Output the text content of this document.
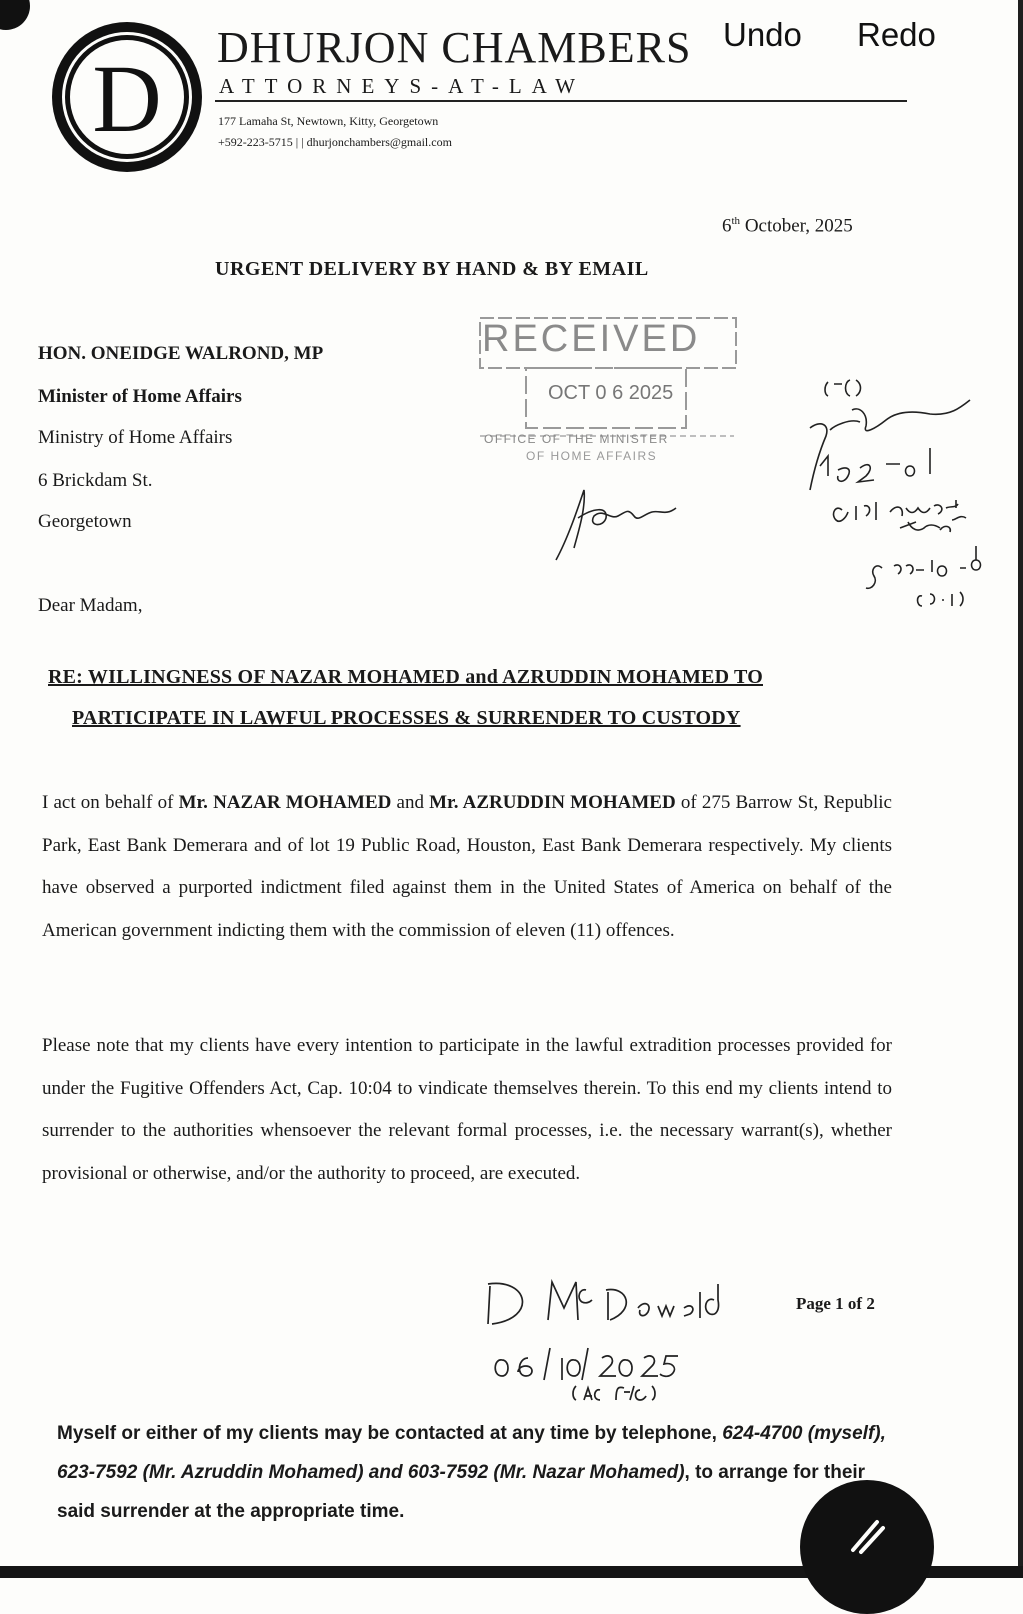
D DHURJON CHAMBERS
ATTORNEYS-AT-LAW
177 Lamaha St, Newtown, Kitty, Georgetown
+592-223-5715 | | dhurjonchambers@gmail.com
Undo Redo
6th October, 2025
URGENT DELIVERY BY HAND & BY EMAIL
HON. ONEIDGE WALROND, MP
Minister of Home Affairs
Ministry of Home Affairs
6 Brickdam St.
Georgetown
RECEIVED
OCT 0 6 2025
OFFICE OF THE MINISTER
OF HOME AFFAIRS
Dear Madam,
RE: WILLINGNESS OF NAZAR MOHAMED and AZRUDDIN MOHAMED TO
PARTICIPATE IN LAWFUL PROCESSES & SURRENDER TO CUSTODY
I act on behalf of Mr. NAZAR MOHAMED and Mr. AZRUDDIN MOHAMED of 275 Barrow St, Republic Park, East Bank Demerara and of lot 19 Public Road, Houston, East Bank Demerara respectively. My clients have observed a purported indictment filed against them in the United States of America on behalf of the American government indicting them with the commission of eleven (11) offences.
Please note that my clients have every intention to participate in the lawful extradition processes provided for under the Fugitive Offenders Act, Cap. 10:04 to vindicate themselves therein. To this end my clients intend to surrender to the authorities whensoever the relevant formal processes, i.e. the necessary warrant(s), whether provisional or otherwise, and/or the authority to proceed, are executed.
Page 1 of 2
Myself or either of my clients may be contacted at any time by telephone, 624-4700 (myself), 623-7592 (Mr. Azruddin Mohamed) and 603-7592 (Mr. Nazar Mohamed), to arrange for their said surrender at the appropriate time.
